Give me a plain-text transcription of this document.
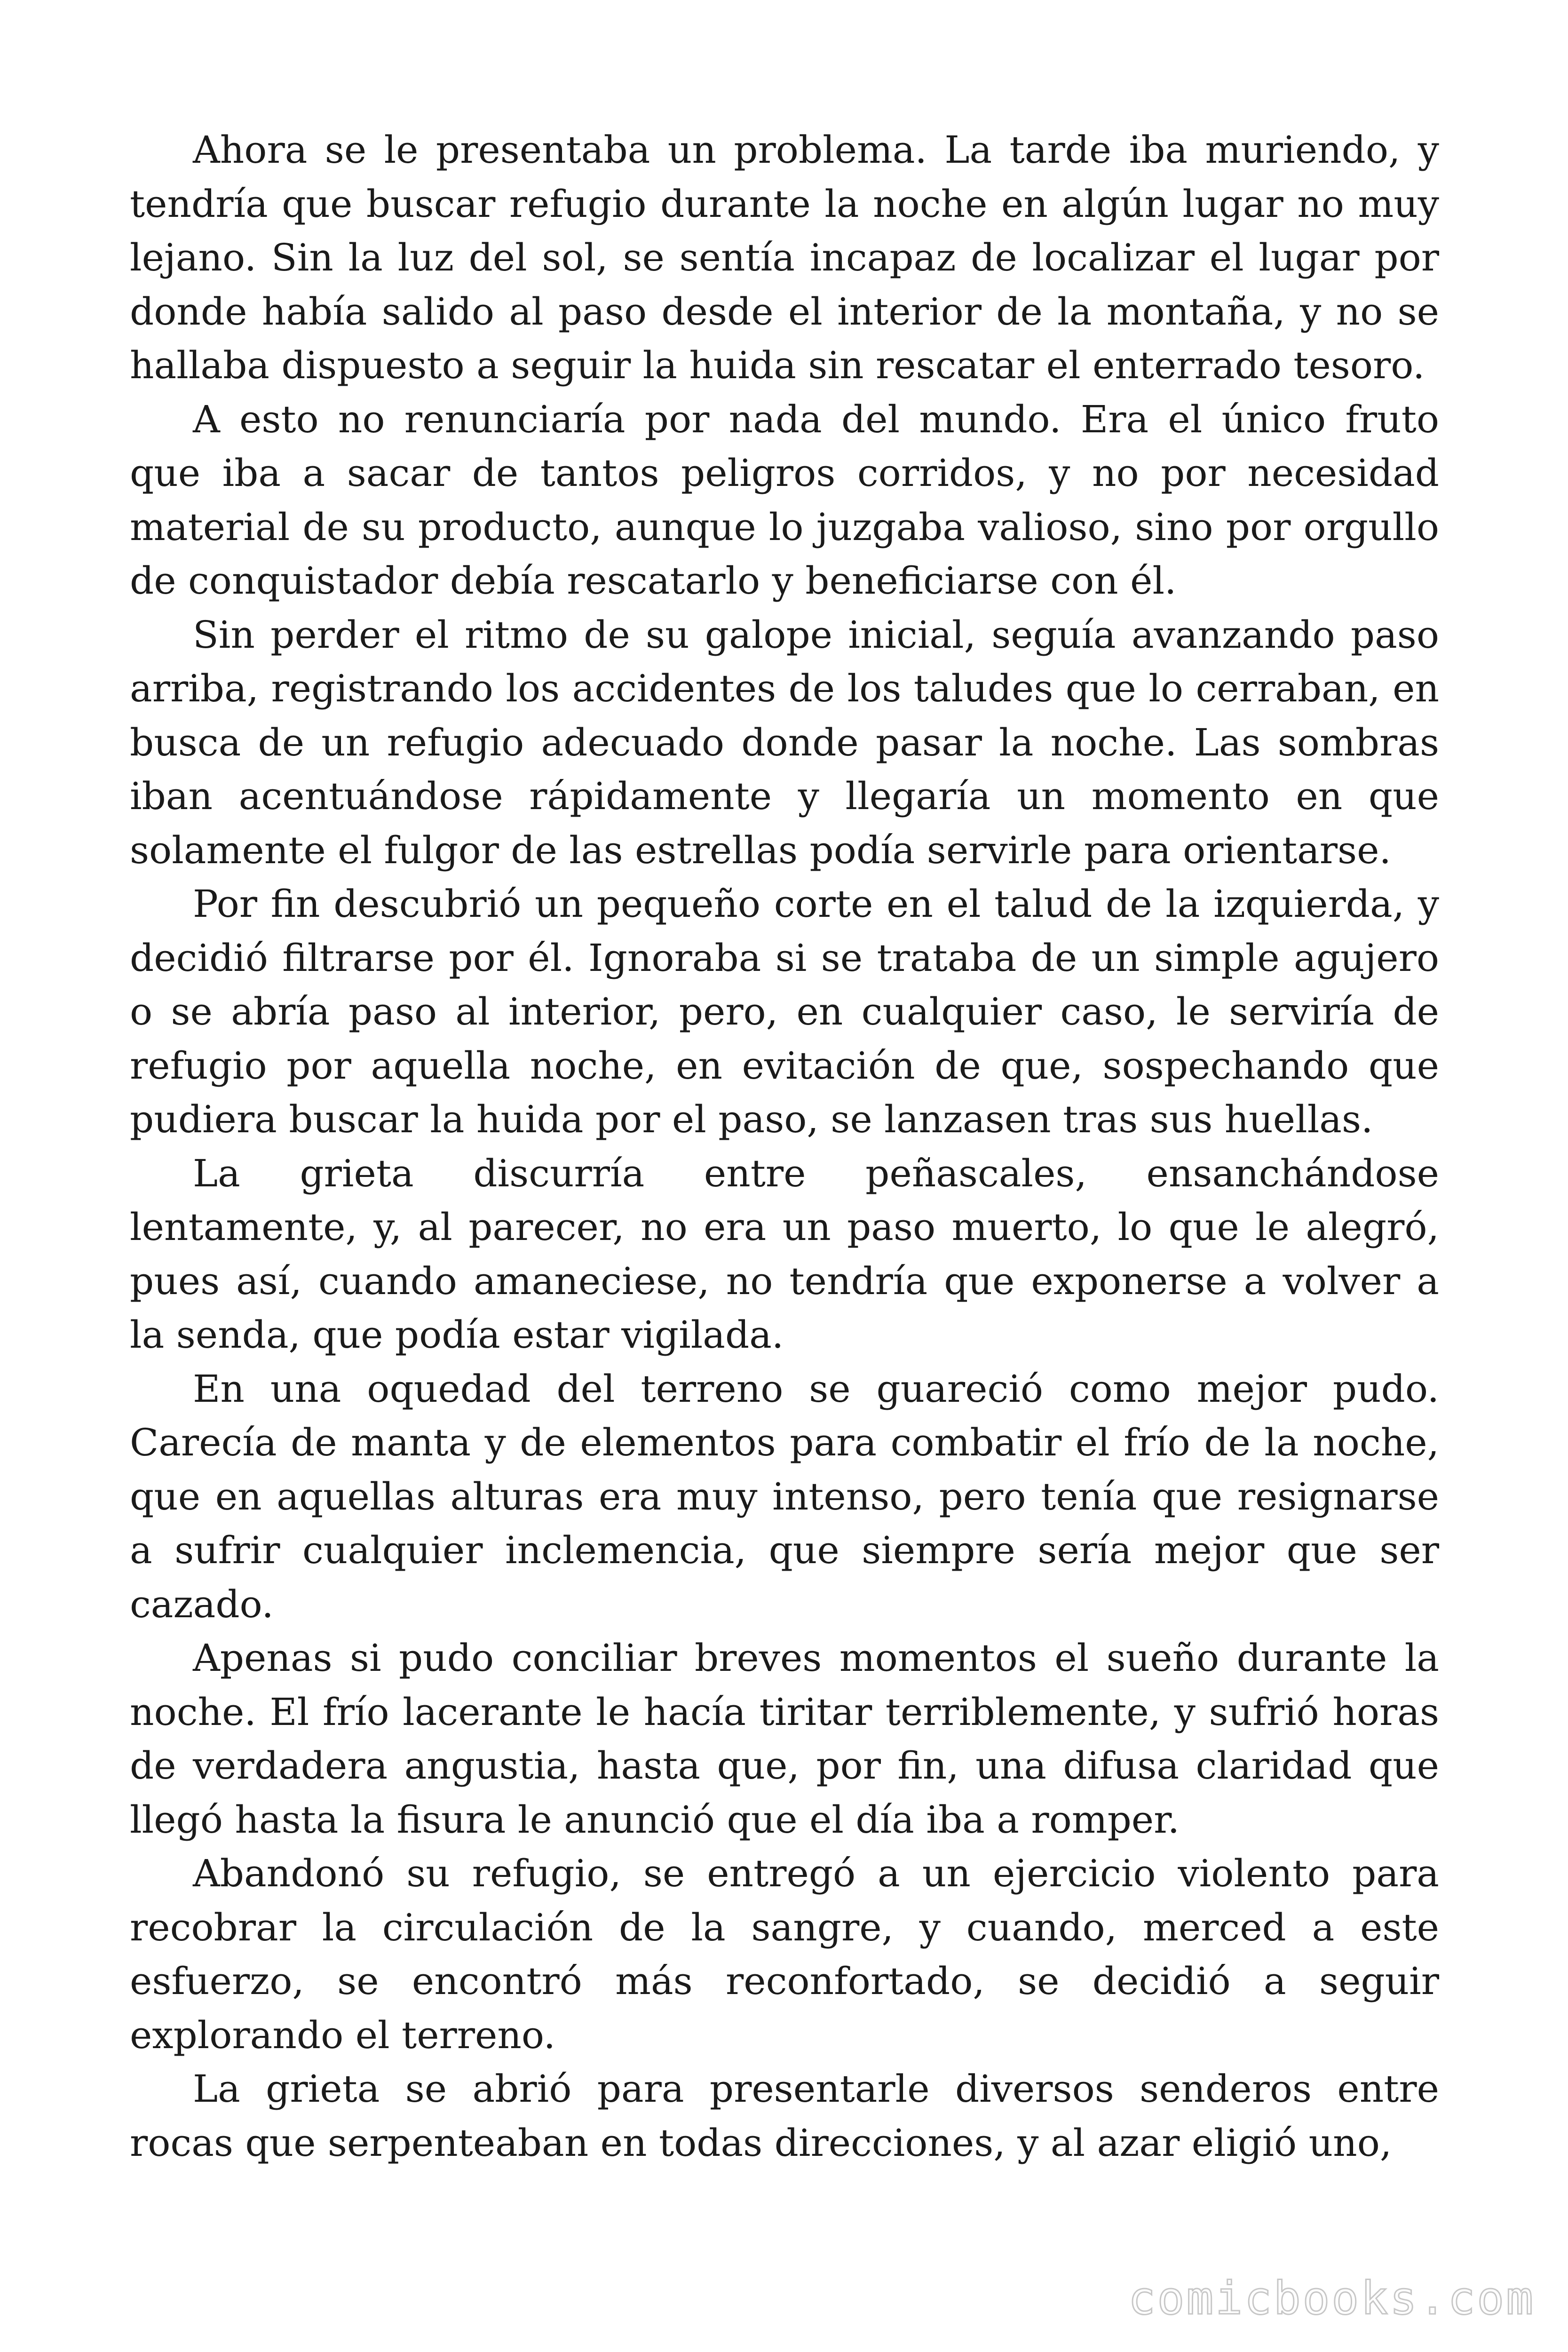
Ahora se le presentaba un problema. La tarde iba muriendo, y tendría que buscar refugio durante la noche en algún lugar no muy lejano. Sin la luz del sol, se sentía incapaz de localizar el lugar por donde había salido al paso desde el interior de la montaña, y no se hallaba dispuesto a seguir la huida sin rescatar el enterrado tesoro.

A esto no renunciaría por nada del mundo. Era el único fruto que iba a sacar de tantos peligros corridos, y no por necesidad material de su producto, aunque lo juzgaba valioso, sino por orgullo de conquistador debía rescatarlo y beneficiarse con él.

Sin perder el ritmo de su galope inicial, seguía avanzando paso arriba, registrando los accidentes de los taludes que lo cerraban, en busca de un refugio adecuado donde pasar la noche. Las sombras iban acentuándose rápidamente y llegaría un momento en que solamente el fulgor de las estrellas podía servirle para orientarse.

Por fin descubrió un pequeño corte en el talud de la izquierda, y decidió filtrarse por él. Ignoraba si se trataba de un simple agujero o se abría paso al interior, pero, en cualquier caso, le serviría de refugio por aquella noche, en evitación de que, sospechando que pudiera buscar la huida por el paso, se lanzasen tras sus huellas.

La grieta discurría entre peñascales, ensanchándose lentamente, y, al parecer, no era un paso muerto, lo que le alegró, pues así, cuando amaneciese, no tendría que exponerse a volver a la senda, que podía estar vigilada.

En una oquedad del terreno se guareció como mejor pudo. Carecía de manta y de elementos para combatir el frío de la noche, que en aquellas alturas era muy intenso, pero tenía que resignarse a sufrir cualquier inclemencia, que siempre sería mejor que ser cazado.

Apenas si pudo conciliar breves momentos el sueño durante la noche. El frío lacerante le hacía tiritar terriblemente, y sufrió horas de verdadera angustia, hasta que, por fin, una difusa claridad que llegó hasta la fisura le anunció que el día iba a romper.

Abandonó su refugio, se entregó a un ejercicio violento para recobrar la circulación de la sangre, y cuando, merced a este esfuerzo, se encontró más reconfortado, se decidió a seguir explorando el terreno.

La grieta se abrió para presentarle diversos senderos entre rocas que serpenteaban en todas direcciones, y al azar eligió uno,

comicbooks.com
